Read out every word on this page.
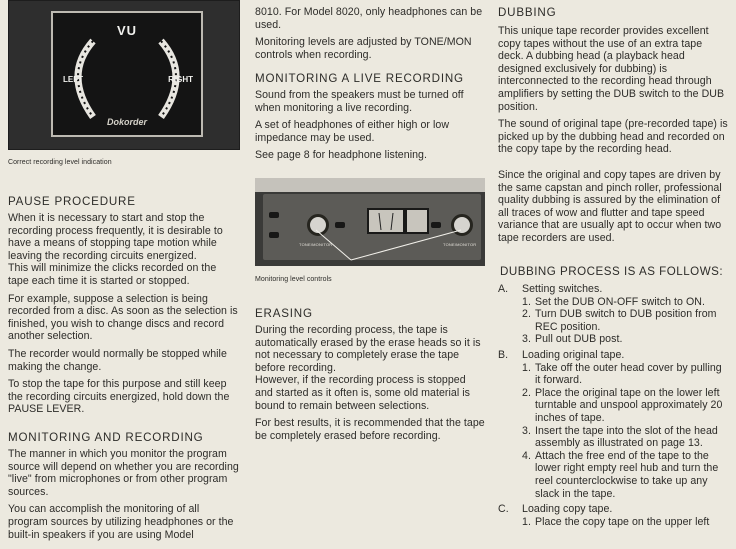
VU
LEFT	RIGHT
Dokorder

Correct recording level indication

PAUSE PROCEDURE

When it is necessary to start and stop the recording process frequently, it is desirable to have a means of stopping tape motion while leaving the recording circuits energized.

This will minimize the clicks recorded on the tape each time it is started or stopped.

For example, suppose a selection is being recorded from a disc. As soon as the selection is finished, you wish to change discs and record another selection.

The recorder would normally be stopped while making the change.

To stop the tape for this purpose and still keep the recording circuits energized, hold down the PAUSE LEVER.

MONITORING AND RECORDING

The manner in which you monitor the program source will depend on whether you are recording "live" from microphones or from other program sources.

You can accomplish the monitoring of all program sources by utilizing headphones or the built-in speakers if you are using Model

8010. For Model 8020, only headphones can be used.

Monitoring levels are adjusted by TONE/MON controls when recording.

MONITORING A LIVE RECORDING

Sound from the speakers must be turned off when monitoring a live recording.

A set of headphones of either high or low impedance may be used.

See page 8 for headphone listening.

TONE/MONITOR	TONE/MONITOR

Monitoring level controls

ERASING

During the recording process, the tape is automatically erased by the erase heads so it is not necessary to completely erase the tape before recording.

However, if the recording process is stopped and started as it often is, some old material is bound to remain between selections.

For best results, it is recommended that the tape be completely erased before recording.

DUBBING

This unique tape recorder provides excellent copy tapes without the use of an extra tape deck. A dubbing head (a playback head designed exclusively for dubbing) is interconnected to the recording head through amplifiers by setting the DUB switch to the DUB position.

The sound of original tape (pre-recorded tape) is picked up by the dubbing head and recorded on the copy tape by the recording head.

Since the original and copy tapes are driven by the same capstan and pinch roller, professional quality dubbing is assured by the elimination of all traces of wow and flutter and tape speed variance that are usually apt to occur when two tape recorders are used.

DUBBING PROCESS IS AS FOLLOWS:

A.	Setting switches.

1. Set the DUB ON-OFF switch to ON.

2. Turn DUB switch to DUB position from REC position.

3. Pull out DUB post.

B.	Loading original tape.

1. Take off the outer head cover by pulling it forward.

2. Place the original tape on the lower left turntable and unspool approximately 20 inches of tape.

3. Insert the tape into the slot of the head assembly as illustrated on page 13.

4. Attach the free end of the tape to the lower right empty reel hub and turn the reel counterclockwise to take up any slack in the tape.

C.	Loading copy tape.

1. Place the copy tape on the upper left
